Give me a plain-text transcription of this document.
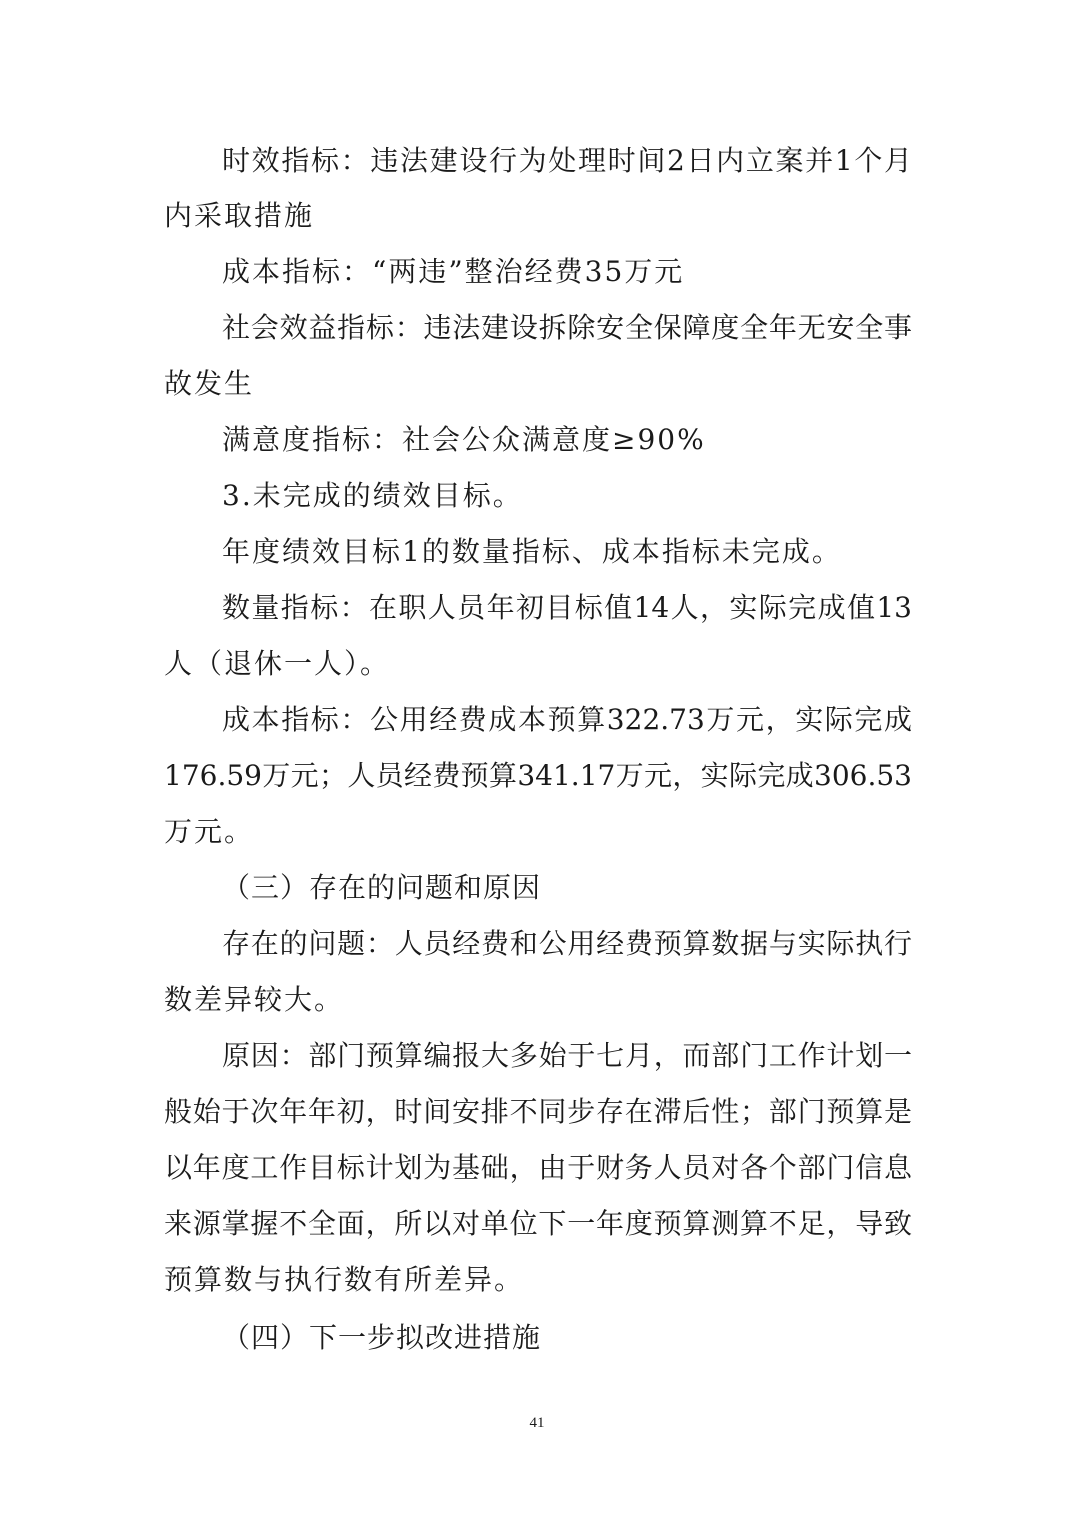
时效指标：违法建设行为处理时间2日内立案并1个月

内采取措施

成本指标：“两违”整治经费35万元

社会效益指标：违法建设拆除安全保障度全年无安全事

故发生

满意度指标：社会公众满意度≥90%

3.未完成的绩效目标。

年度绩效目标1的数量指标、成本指标未完成。

数量指标：在职人员年初目标值14人，实际完成值13

人（退休一人）。

成本指标：公用经费成本预算322.73万元，实际完成

176.59万元；人员经费预算341.17万元，实际完成306.53

万元。

（三）存在的问题和原因

存在的问题：人员经费和公用经费预算数据与实际执行

数差异较大。

原因：部门预算编报大多始于七月，而部门工作计划一

般始于次年年初，时间安排不同步存在滞后性；部门预算是

以年度工作目标计划为基础，由于财务人员对各个部门信息

来源掌握不全面，所以对单位下一年度预算测算不足，导致

预算数与执行数有所差异。

（四）下一步拟改进措施
41
